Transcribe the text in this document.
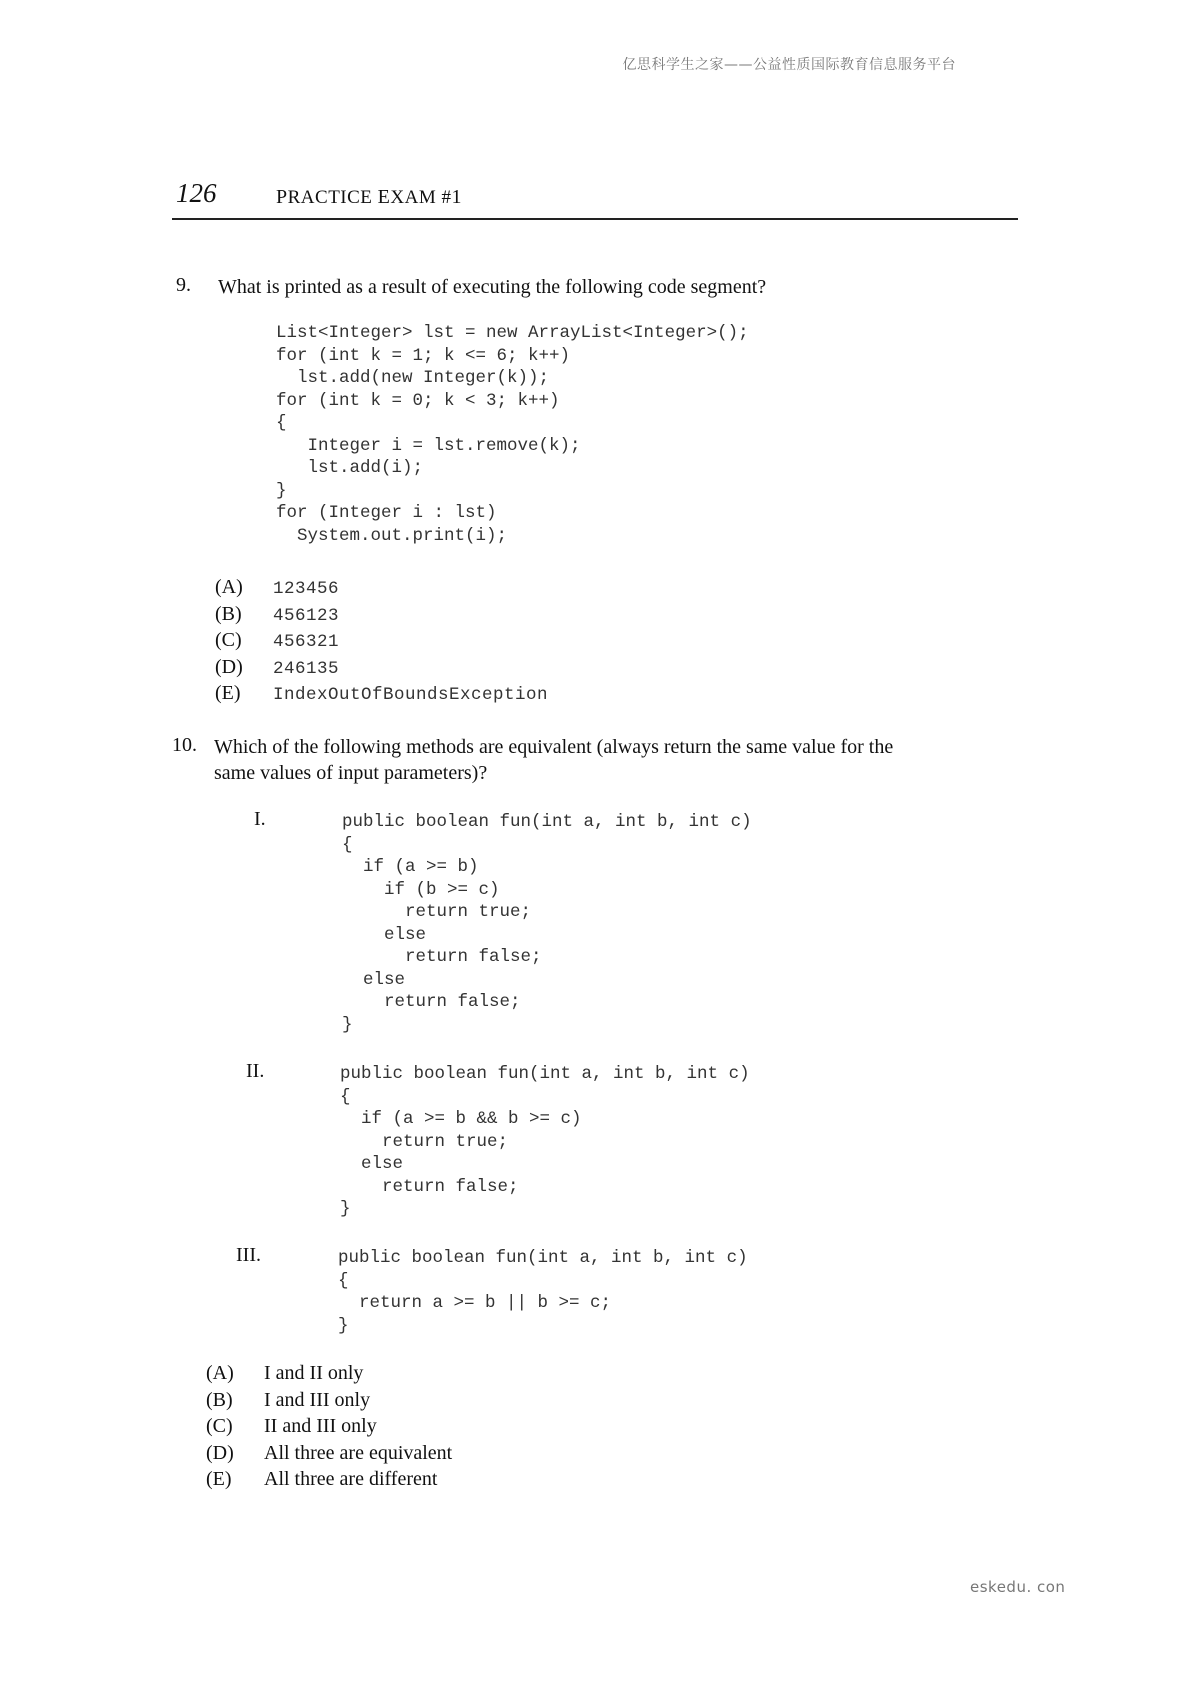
亿思科学生之家——公益性质国际教育信息服务平台
126	PRACTICE EXAM #1
9. What is printed as a result of executing the following code segment?
List<Integer> lst = new ArrayList<Integer>();
for (int k = 1; k <= 6; k++)
lst.add(new Integer(k));
for (int k = 0; k < 3; k++)
{
Integer i = lst.remove(k);
lst.add(i);
}
for (Integer i : lst)
System.out.print(i);
(A)	123456
(B)	456123
(C)	456321
(D)	246135
(E)	IndexOutOfBoundsException
10. Which of the following methods are equivalent (always return the same value for the
same values of input parameters)?
I.	public boolean fun(int a, int b, int c)
{
if (a >= b)
if (b >= c)
return true;
else
return false;
else
return false;
}
II.	public boolean fun(int a, int b, int c)
{
if (a >= b && b >= c)
return true;
else
return false;
}
III.	public boolean fun(int a, int b, int c)
{
return a >= b || b >= c;
}
(A)	I and II only
(B)	I and III only
(C)	II and III only
(D)	All three are equivalent
(E)	All three are different
eskedu. con
